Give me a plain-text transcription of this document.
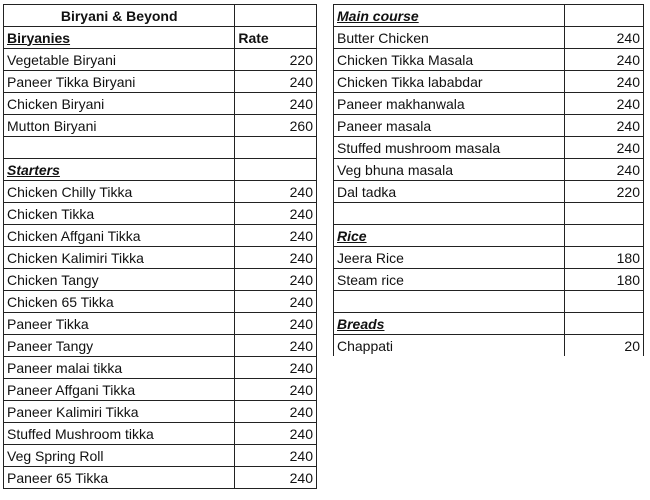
Biryani & Beyond	
Biryanies	Rate
Vegetable Biryani	220
Paneer Tikka Biryani	240
Chicken Biryani	240
Mutton Biryani	260

Starters	
Chicken Chilly Tikka	240
Chicken Tikka	240
Chicken Affgani Tikka	240
Chicken Kalimiri Tikka	240
Chicken Tangy	240
Chicken 65 Tikka	240
Paneer Tikka	240
Paneer Tangy	240
Paneer malai tikka	240
Paneer Affgani Tikka	240
Paneer Kalimiri Tikka	240
Stuffed Mushroom tikka	240
Veg Spring Roll	240
Paneer 65 Tikka	240
Main course	
Butter Chicken	240
Chicken Tikka Masala	240
Chicken Tikka lababdar	240
Paneer makhanwala	240
Paneer masala	240
Stuffed mushroom masala	240
Veg bhuna masala	240
Dal tadka	220

Rice	
Jeera Rice	180
Steam rice	180

Breads	
Chappati	20
